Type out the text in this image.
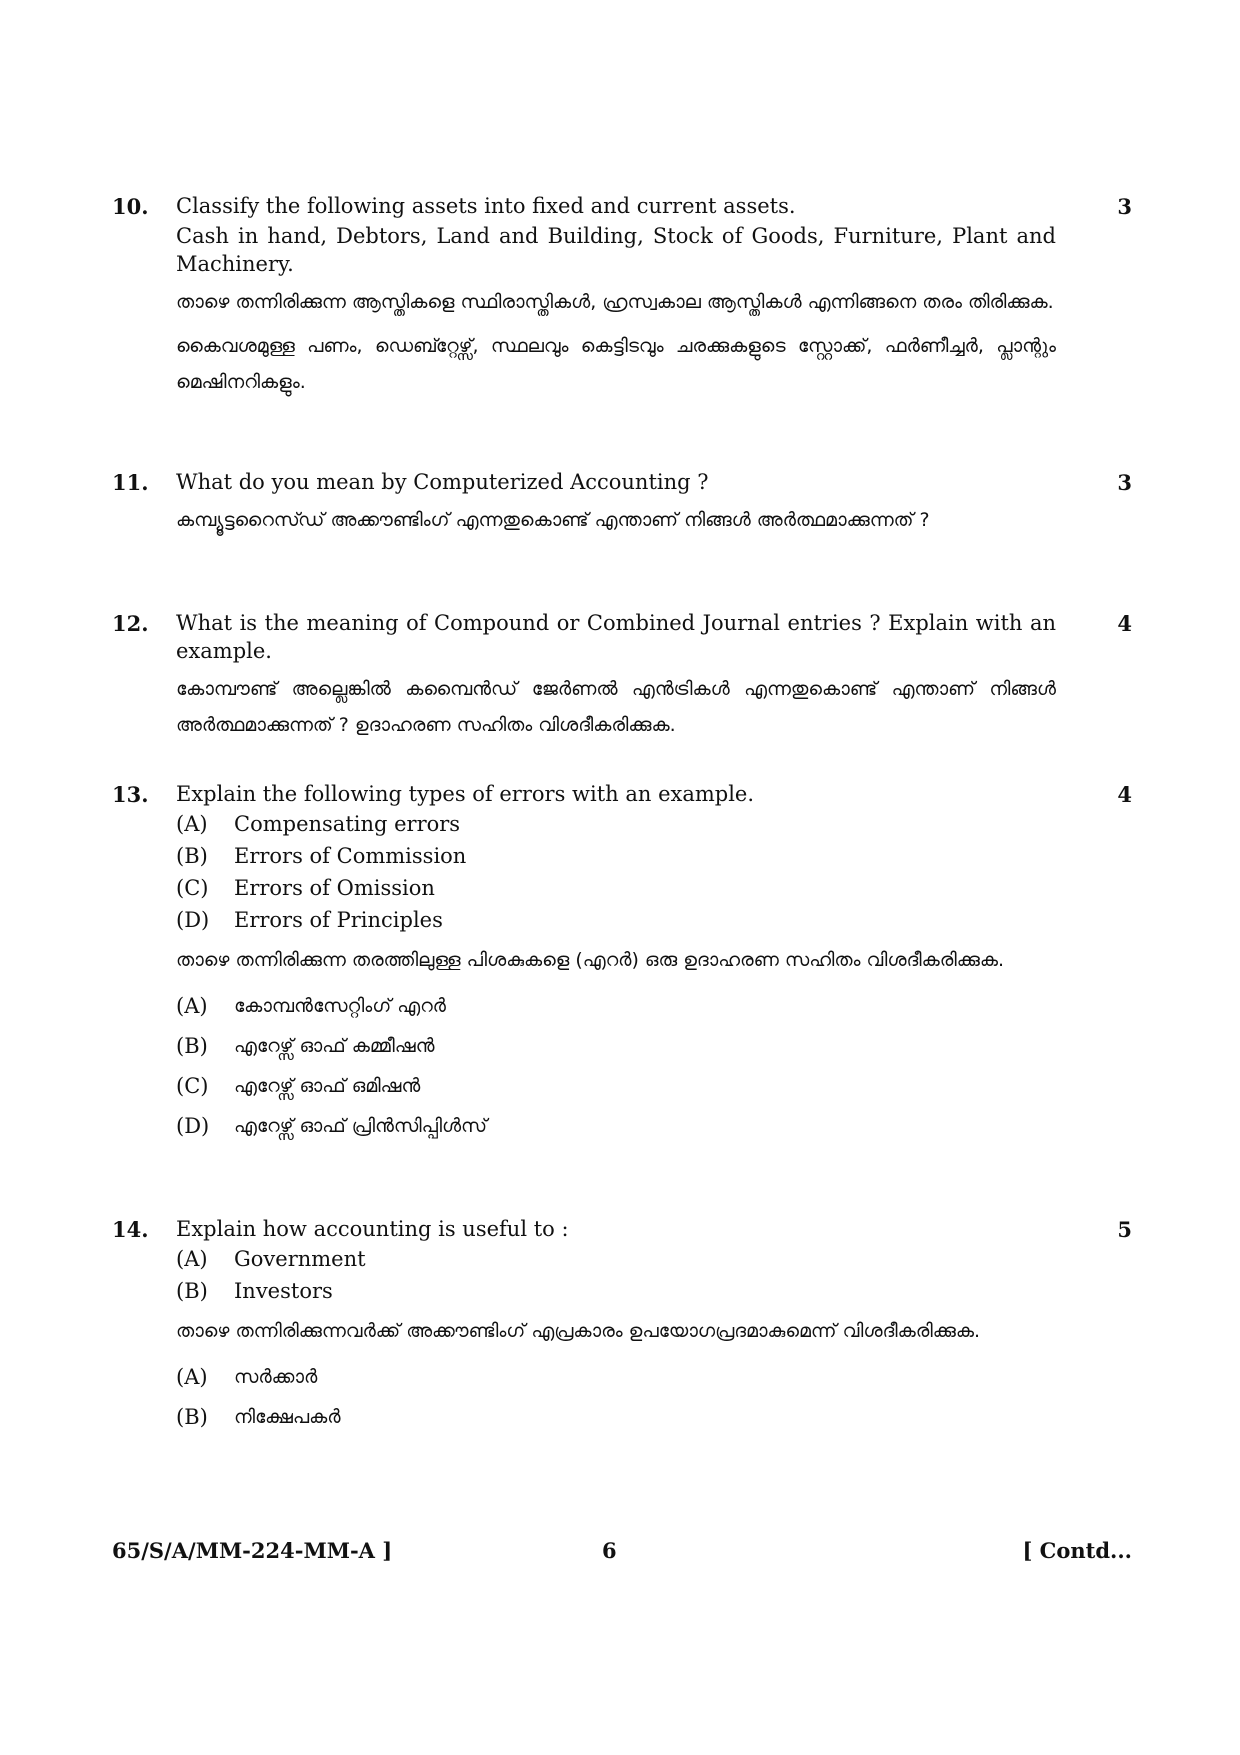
10.	Classify the following assets into fixed and current assets.

Cash in hand, Debtors, Land and Building, Stock of Goods, Furniture, Plant and Machinery.

താഴെ തന്നിരിക്കുന്ന ആസ്തികളെ സ്ഥിരാസ്തികൾ, ഹ്രസ്വകാല ആസ്തികൾ എന്നിങ്ങനെ തരം തിരിക്കുക.

കൈവശമുള്ള പണം, ഡെബ്റ്റേഴ്സ്, സ്ഥലവും കെട്ടിടവും ചരക്കുകളുടെ സ്റ്റോക്ക്, ഫർണീച്ചർ, പ്ലാന്റും മെഷിനറികളും.

3
11.	What do you mean by Computerized Accounting ?

കമ്പ്യൂട്ടറൈസ്ഡ് അക്കൗണ്ടിംഗ് എന്നതുകൊണ്ട് എന്താണ് നിങ്ങൾ അർത്ഥമാക്കുന്നത് ?

3
12.	What is the meaning of Compound or Combined Journal entries ? Explain with an example.

കോമ്പൗണ്ട് അല്ലെങ്കിൽ കമ്പൈൻഡ് ജേർണൽ എൻട്രികൾ എന്നതുകൊണ്ട് എന്താണ് നിങ്ങൾ അർത്ഥമാക്കുന്നത് ? ഉദാഹരണ സഹിതം വിശദീകരിക്കുക.

4
13.	Explain the following types of errors with an example.

(A)	Compensating errors
(B)	Errors of Commission
(C)	Errors of Omission
(D)	Errors of Principles

താഴെ തന്നിരിക്കുന്ന തരത്തിലുള്ള പിശകുകളെ (എറർ) ഒരു ഉദാഹരണ സഹിതം വിശദീകരിക്കുക.

(A)	കോമ്പൻസേറ്റിംഗ് എറർ
(B)	എറേഴ്സ് ഓഫ് കമ്മീഷൻ
(C)	എറേഴ്സ് ഓഫ് ഒമിഷൻ
(D)	എറേഴ്സ് ഓഫ് പ്രിൻസിപ്പിൾസ്
4
14.	Explain how accounting is useful to :

(A)	Government
(B)	Investors

താഴെ തന്നിരിക്കുന്നവർക്ക് അക്കൗണ്ടിംഗ് എപ്രകാരം ഉപയോഗപ്രദമാകുമെന്ന് വിശദീകരിക്കുക.

(A)	സർക്കാർ
(B)	നിക്ഷേപകർ
5
65/S/A/MM-224-MM-A ]	6	[ Contd...
